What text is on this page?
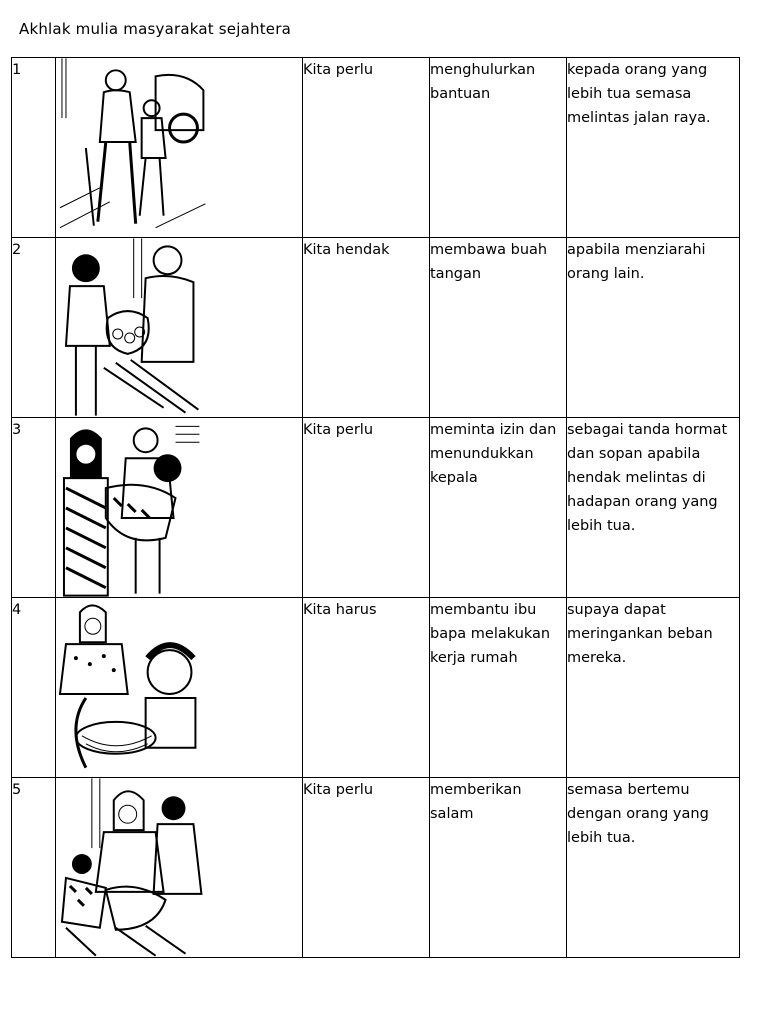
Akhlak mulia masyarakat sejahtera
1		Kita perlu	menghulurkan bantuan	kepada orang yang lebih tua semasa melintas jalan raya.
2		Kita hendak	membawa buah tangan	apabila menziarahi orang lain.
3		Kita perlu	meminta izin dan menundukkan kepala	sebagai tanda hormat dan sopan apabila hendak melintas di hadapan orang yang lebih tua.
4		Kita harus	membantu ibu bapa melakukan kerja rumah	supaya dapat meringankan beban mereka.
5		Kita perlu	memberikan salam	semasa bertemu dengan orang yang lebih tua.
